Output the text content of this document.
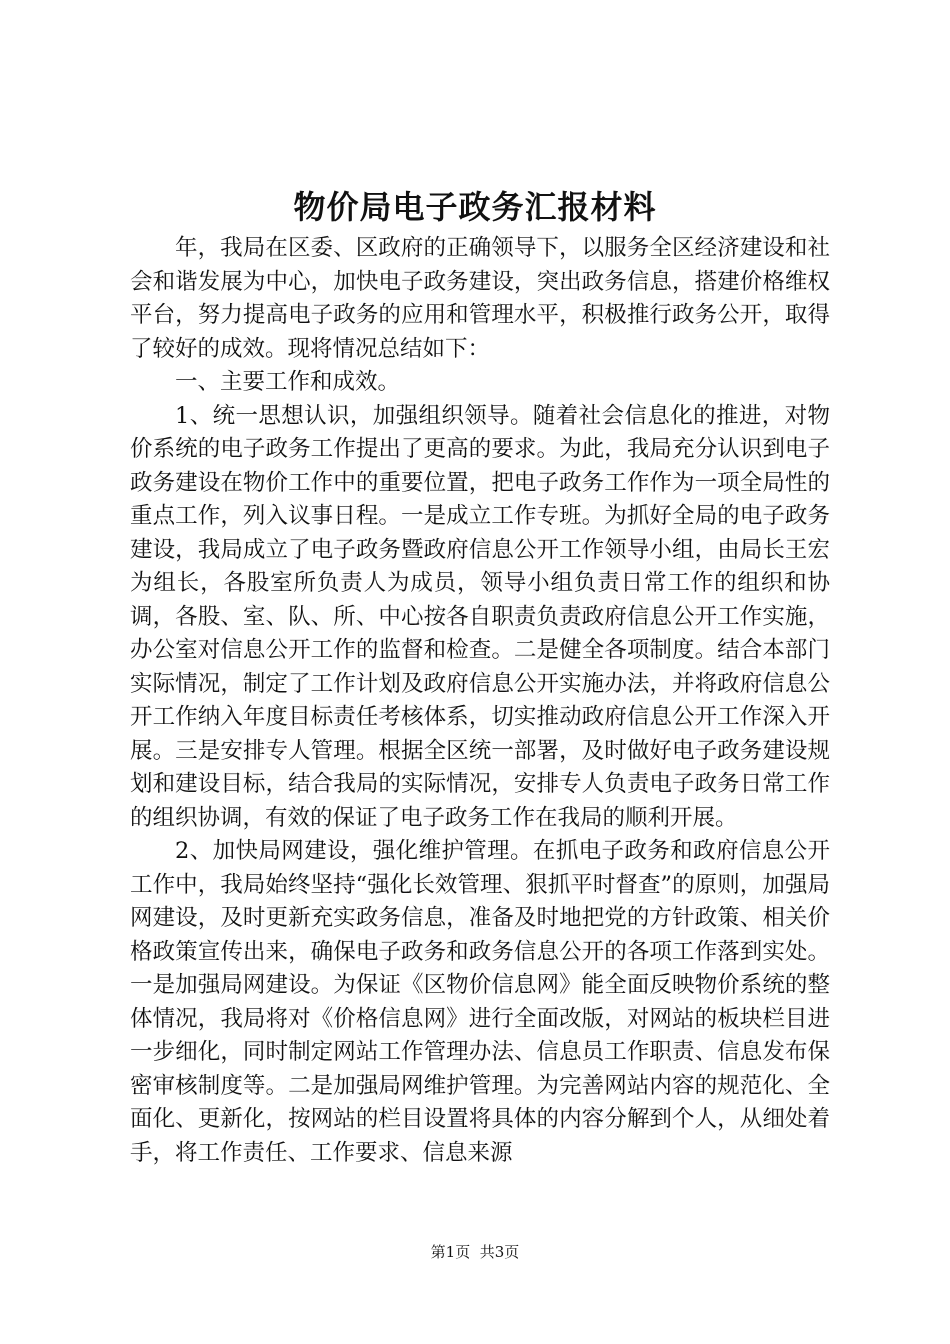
物价局电子政务汇报材料

年，我局在区委、区政府的正确领导下，以服务全区经济建设和社会和谐发展为中心，加快电子政务建设，突出政务信息，搭建价格维权平台，努力提高电子政务的应用和管理水平，积极推行政务公开，取得了较好的成效。现将情况总结如下：

一、主要工作和成效。

1、统一思想认识，加强组织领导。随着社会信息化的推进，对物价系统的电子政务工作提出了更高的要求。为此，我局充分认识到电子政务建设在物价工作中的重要位置，把电子政务工作作为一项全局性的重点工作，列入议事日程。一是成立工作专班。为抓好全局的电子政务建设，我局成立了电子政务暨政府信息公开工作领导小组，由局长王宏为组长，各股室所负责人为成员，领导小组负责日常工作的组织和协调，各股、室、队、所、中心按各自职责负责政府信息公开工作实施，办公室对信息公开工作的监督和检查。二是健全各项制度。结合本部门实际情况，制定了工作计划及政府信息公开实施办法，并将政府信息公开工作纳入年度目标责任考核体系，切实推动政府信息公开工作深入开展。三是安排专人管理。根据全区统一部署，及时做好电子政务建设规划和建设目标，结合我局的实际情况，安排专人负责电子政务日常工作的组织协调，有效的保证了电子政务工作在我局的顺利开展。

2、加快局网建设，强化维护管理。在抓电子政务和政府信息公开工作中，我局始终坚持“强化长效管理、狠抓平时督查”的原则，加强局网建设，及时更新充实政务信息，准备及时地把党的方针政策、相关价格政策宣传出来，确保电子政务和政务信息公开的各项工作落到实处。一是加强局网建设。为保证《区物价信息网》能全面反映物价系统的整体情况，我局将对《价格信息网》进行全面改版，对网站的板块栏目进一步细化，同时制定网站工作管理办法、信息员工作职责、信息发布保密审核制度等。二是加强局网维护管理。为完善网站内容的规范化、全面化、更新化，按网站的栏目设置将具体的内容分解到个人，从细处着手，将工作责任、工作要求、信息来源

第1页 共3页
